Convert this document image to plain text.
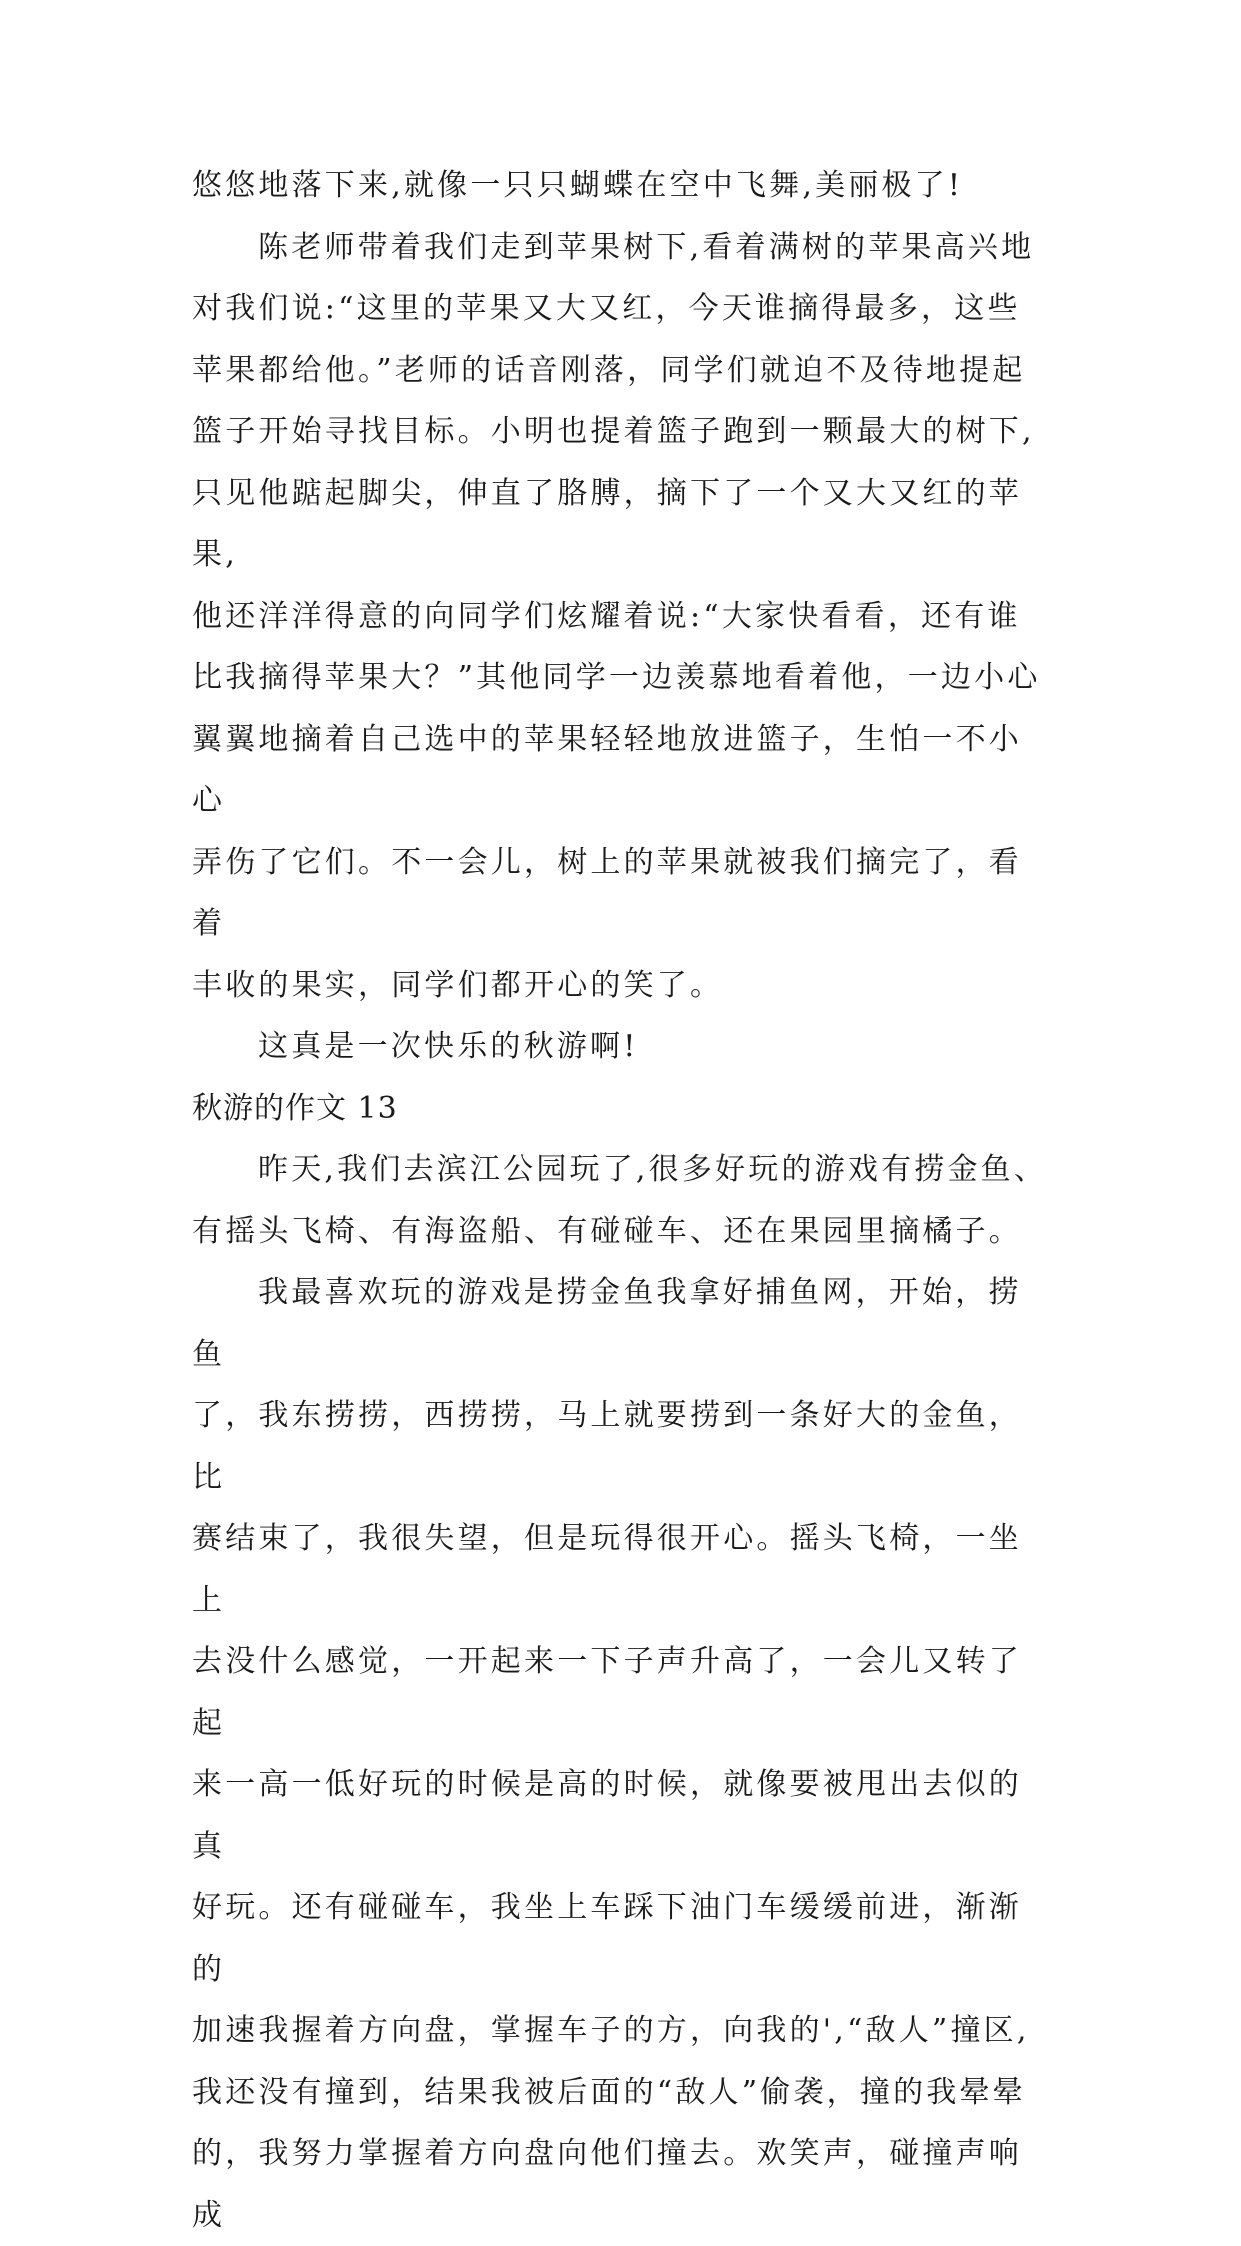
悠悠地落下来,就像一只只蝴蝶在空中飞舞,美丽极了!

陈老师带着我们走到苹果树下,看着满树的苹果高兴地
对我们说:“这里的苹果又大又红，今天谁摘得最多，这些
苹果都给他。”老师的话音刚落，同学们就迫不及待地提起
篮子开始寻找目标。小明也提着篮子跑到一颗最大的树下,
只见他踮起脚尖，伸直了胳膊，摘下了一个又大又红的苹果,
他还洋洋得意的向同学们炫耀着说:“大家快看看，还有谁
比我摘得苹果大？”其他同学一边羡慕地看着他，一边小心
翼翼地摘着自己选中的苹果轻轻地放进篮子，生怕一不小心
弄伤了它们。不一会儿，树上的苹果就被我们摘完了，看着
丰收的果实，同学们都开心的笑了。

这真是一次快乐的秋游啊!

秋游的作文 13

昨天,我们去滨江公园玩了,很多好玩的游戏有捞金鱼、
有摇头飞椅、有海盗船、有碰碰车、还在果园里摘橘子。

我最喜欢玩的游戏是捞金鱼我拿好捕鱼网，开始，捞鱼
了，我东捞捞，西捞捞，马上就要捞到一条好大的金鱼，比
赛结束了，我很失望，但是玩得很开心。摇头飞椅，一坐上
去没什么感觉，一开起来一下子声升高了，一会儿又转了起
来一高一低好玩的时候是高的时候，就像要被甩出去似的真
好玩。还有碰碰车，我坐上车踩下油门车缓缓前进，渐渐的
加速我握着方向盘，掌握车子的方，向我的',“敌人”撞区,
我还没有撞到，结果我被后面的“敌人”偷袭，撞的我晕晕
的，我努力掌握着方向盘向他们撞去。欢笑声，碰撞声响成
